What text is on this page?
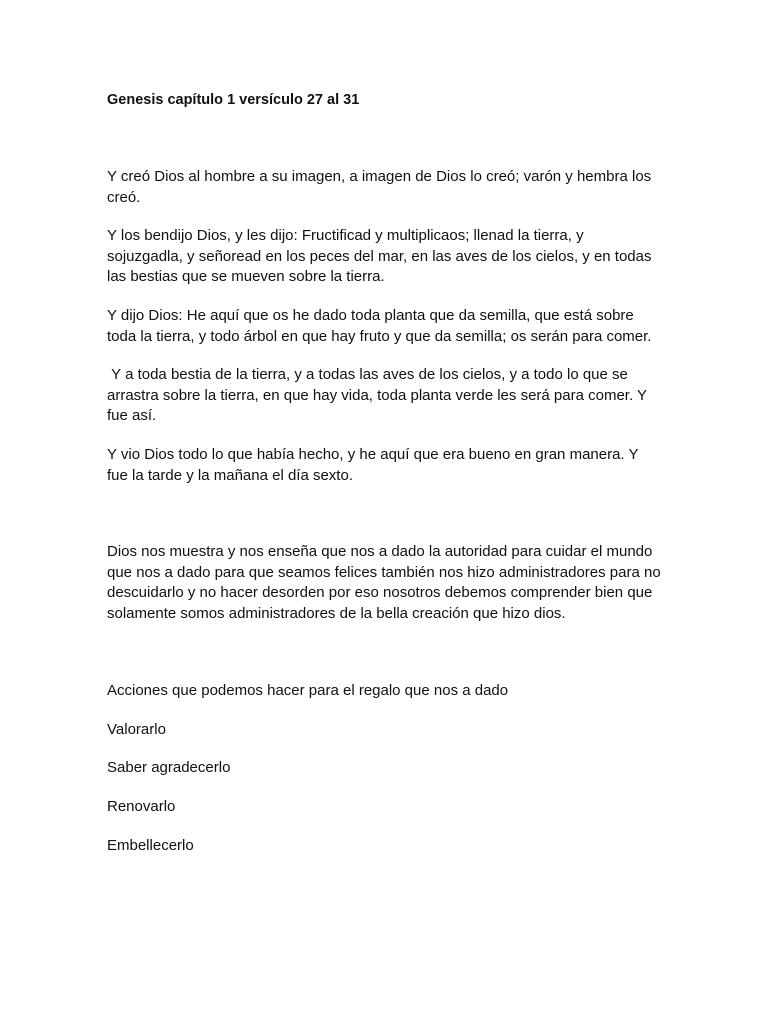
Genesis capítulo 1 versículo 27 al 31

Y creó Dios al hombre a su imagen, a imagen de Dios lo creó; varón y hembra los creó.

Y los bendijo Dios, y les dijo: Fructificad y multiplicaos; llenad la tierra, y sojuzgadla, y señoread en los peces del mar, en las aves de los cielos, y en todas las bestias que se mueven sobre la tierra.

Y dijo Dios: He aquí que os he dado toda planta que da semilla, que está sobre toda la tierra, y todo árbol en que hay fruto y que da semilla; os serán para comer.

Y a toda bestia de la tierra, y a todas las aves de los cielos, y a todo lo que se arrastra sobre la tierra, en que hay vida, toda planta verde les será para comer. Y fue así.

Y vio Dios todo lo que había hecho, y he aquí que era bueno en gran manera. Y fue la tarde y la mañana el día sexto.

Dios nos muestra y nos enseña que nos a dado la autoridad para cuidar el mundo que nos a dado para que seamos felices también nos hizo administradores para no descuidarlo y no hacer desorden por eso nosotros debemos comprender bien que solamente somos administradores de la bella creación que hizo dios.

Acciones que podemos hacer para el regalo que nos a dado

Valorarlo

Saber agradecerlo

Renovarlo

Embellecerlo
